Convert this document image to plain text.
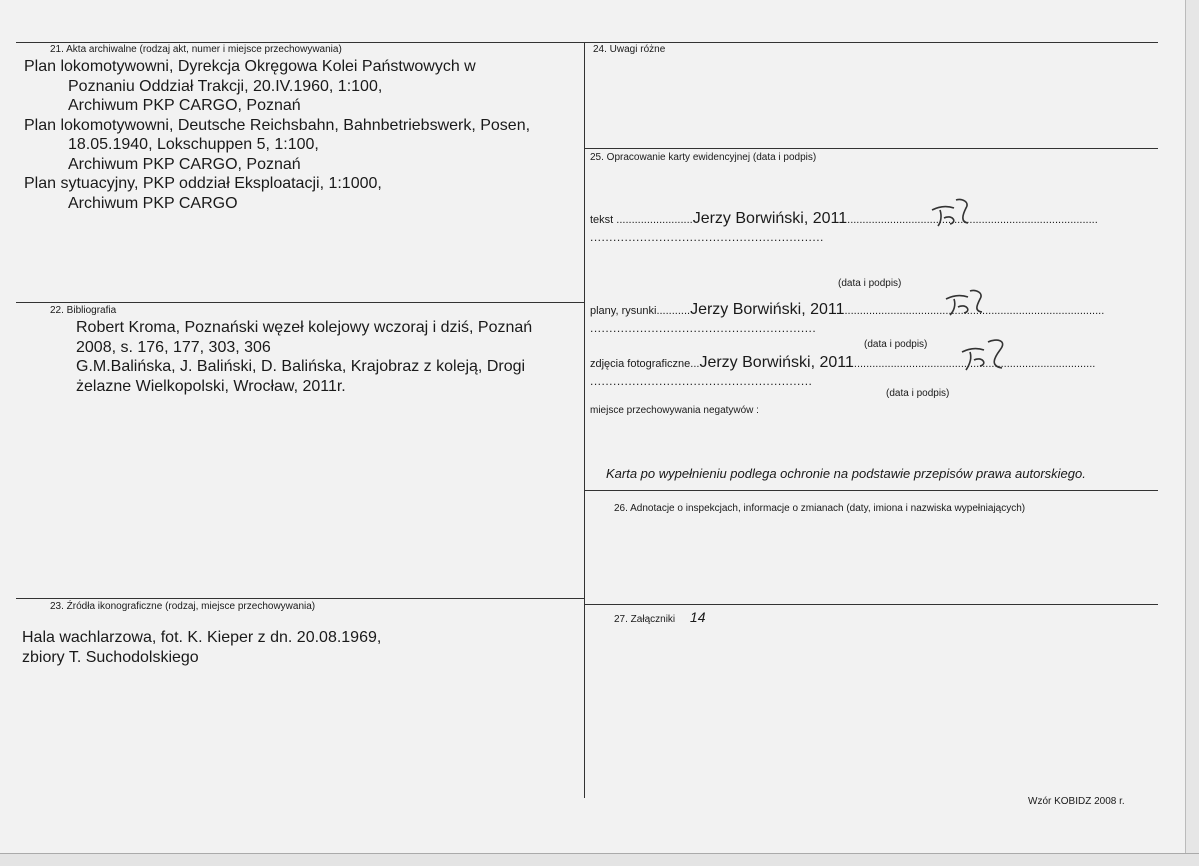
21. Akta archiwalne (rodzaj akt, numer i miejsce przechowywania)
Plan lokomotywowni, Dyrekcja Okręgowa Kolei Państwowych w
Poznaniu Oddział Trakcji, 20.IV.1960, 1:100,
Archiwum PKP CARGO, Poznań
Plan lokomotywowni, Deutsche Reichsbahn, Bahnbetriebswerk, Posen,
18.05.1940, Lokschuppen 5, 1:100,
Archiwum PKP CARGO, Poznań
Plan sytuacyjny, PKP oddział Eksploatacji, 1:1000,
Archiwum PKP CARGO
22. Bibliografia
Robert Kroma, Poznański węzeł kolejowy wczoraj i dziś, Poznań
2008, s. 176, 177, 303, 306
G.M.Balińska, J. Baliński, D. Balińska, Krajobraz z koleją, Drogi
żelazne Wielkopolski, Wrocław, 2011r.
23. Źródła ikonograficzne (rodzaj, miejsce przechowywania)
Hala wachlarzowa, fot. K. Kieper z dn. 20.08.1969,
zbiory T. Suchodolskiego
24. Uwagi różne
25. Opracowanie karty ewidencyjnej (data i podpis)
tekst .........................Jerzy Borwiński, 2011..................................................................................
.............................................................
(data i podpis)
plany, rysunki...........Jerzy Borwiński, 2011.....................................................................................
...........................................................
(data i podpis)
zdjęcia fotograficzne...Jerzy Borwiński, 2011...............................................................................
..........................................................
(data i podpis)
miejsce przechowywania negatywów :
Karta po wypełnieniu podlega ochronie na podstawie przepisów prawa autorskiego.
26. Adnotacje o inspekcjach, informacje o zmianach (daty, imiona i nazwiska wypełniających)
27. Załączniki 14
Wzór KOBIDZ 2008 r.
